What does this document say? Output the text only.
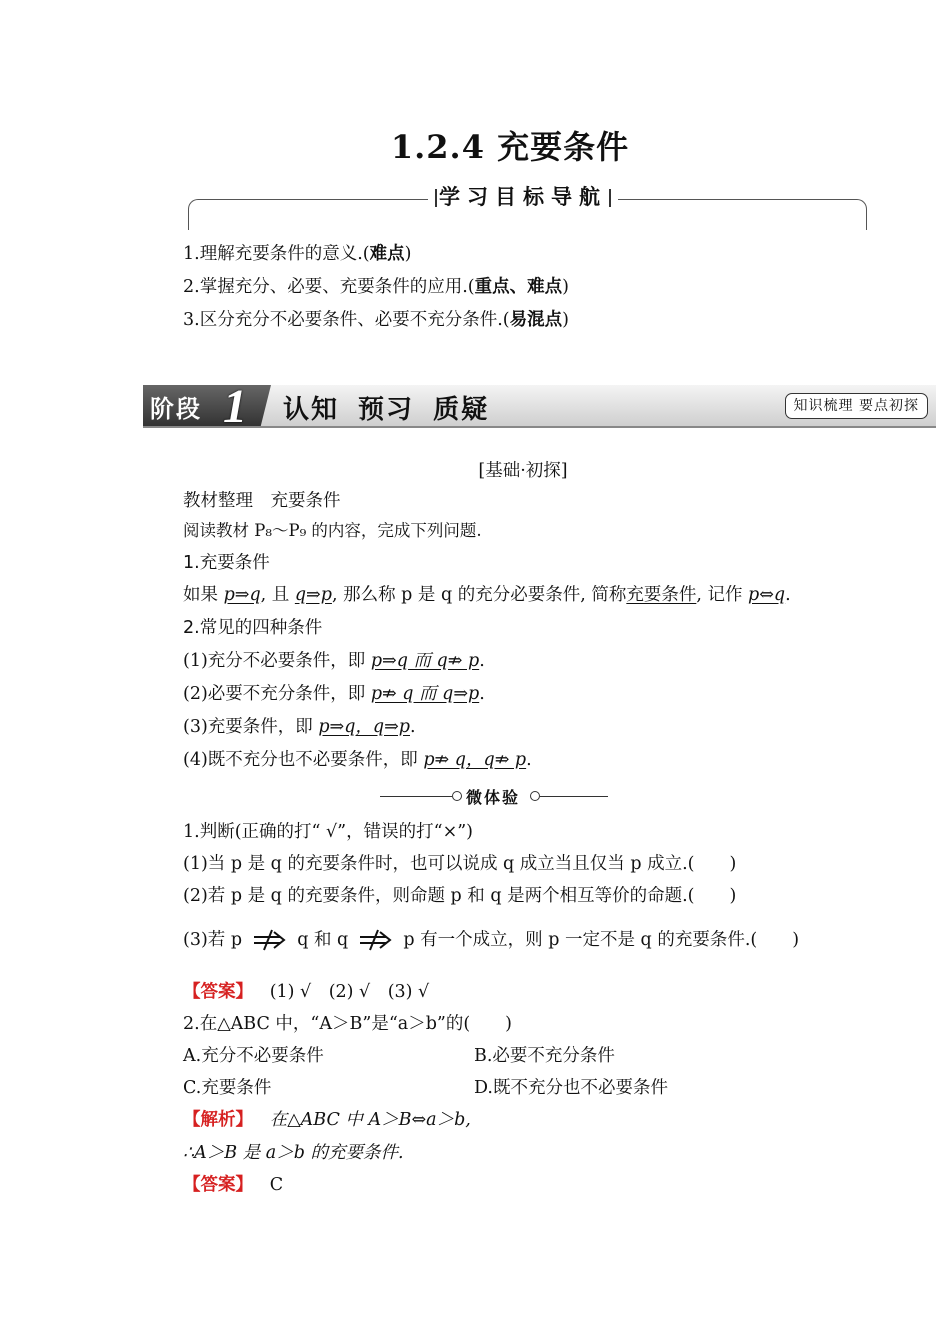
1.2.4 充要条件
学习目标导航
1.理解充要条件的意义.(难点)
2.掌握充分、必要、充要条件的应用.(重点、难点)
3.区分充分不必要条件、必要不充分条件.(易混点)
阶段 1 认知 预习 质疑	知识梳理 要点初探
[基础·初探]
教材整理　充要条件
阅读教材 P₈～P₉ 的内容，完成下列问题.
1.充要条件
如果 p⇒q, 且 q⇒p, 那么称 p 是 q 的充分必要条件, 简称充要条件, 记作 p⇔q.
2.常见的四种条件
(1)充分不必要条件，即 p⇒q 而 q⇏ p.
(2)必要不充分条件，即 p⇏ q 而 q⇒p.
(3)充要条件，即 p⇒q，q⇒p.
(4)既不充分也不必要条件，即 p⇏ q，q⇏ p.
微体验
1.判断(正确的打“ √”，错误的打“×”)
(1)当 p 是 q 的充要条件时，也可以说成 q 成立当且仅当 p 成立.(　　)
(2)若 p 是 q 的充要条件，则命题 p 和 q 是两个相互等价的命题.(　　)
(3)若 p	q 和 q	p 有一个成立，则 p 一定不是 q 的充要条件.(　　)
【答案】 (1) √　(2) √　(3) √
2.在△ABC 中，“A＞B”是“a＞b”的(　　)
A.充分不必要条件	B.必要不充分条件
C.充要条件	D.既不充分也不必要条件
【解析】 在△ABC 中 A＞B⇔a＞b,
∴A＞B 是 a＞b 的充要条件.
【答案】 C
